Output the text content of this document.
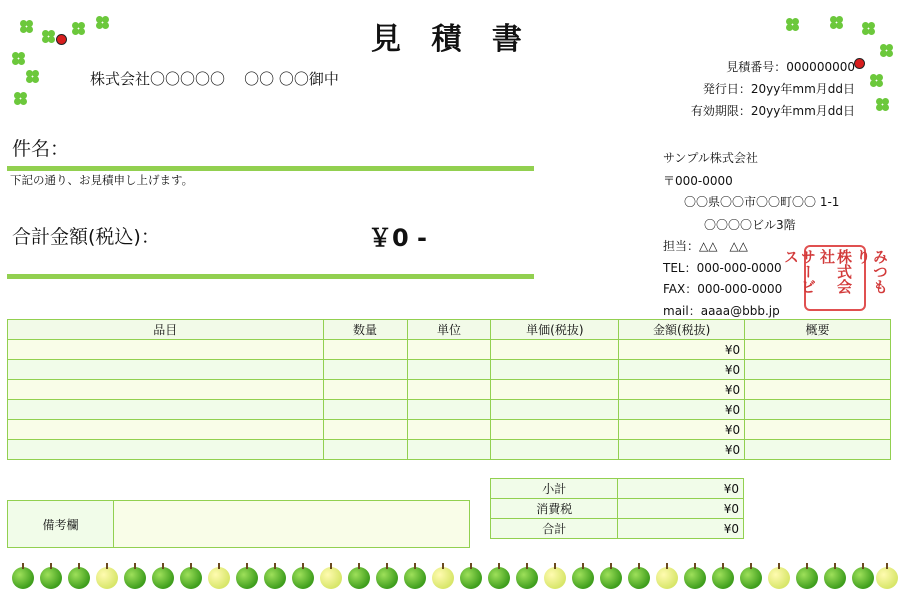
見 積 書
株式会社〇〇〇〇〇    〇〇 〇〇御中
見積番号：000000000
発行日：20yy年mm月dd日
有効期限：20yy年mm月dd日
件名：
下記の通り、お見積申し上げます。
合計金額(税込)：	￥0 -
サンプル株式会社
〒000-0000
〇〇県〇〇市〇〇町〇〇 1-1
〇〇〇〇ビル3階
担当：△△　△△
TEL：000-000-0000
FAX：000-000-0000
mail：aaaa@bbb.jp
みつもり
株式会社
サービス
品目	数量	単位	単価(税抜)	金額(税抜)	概要
				¥0	
				¥0	
				¥0	
				¥0	
				¥0	
				¥0	
小計	¥0
消費税	¥0
合計	¥0
備考欄	
